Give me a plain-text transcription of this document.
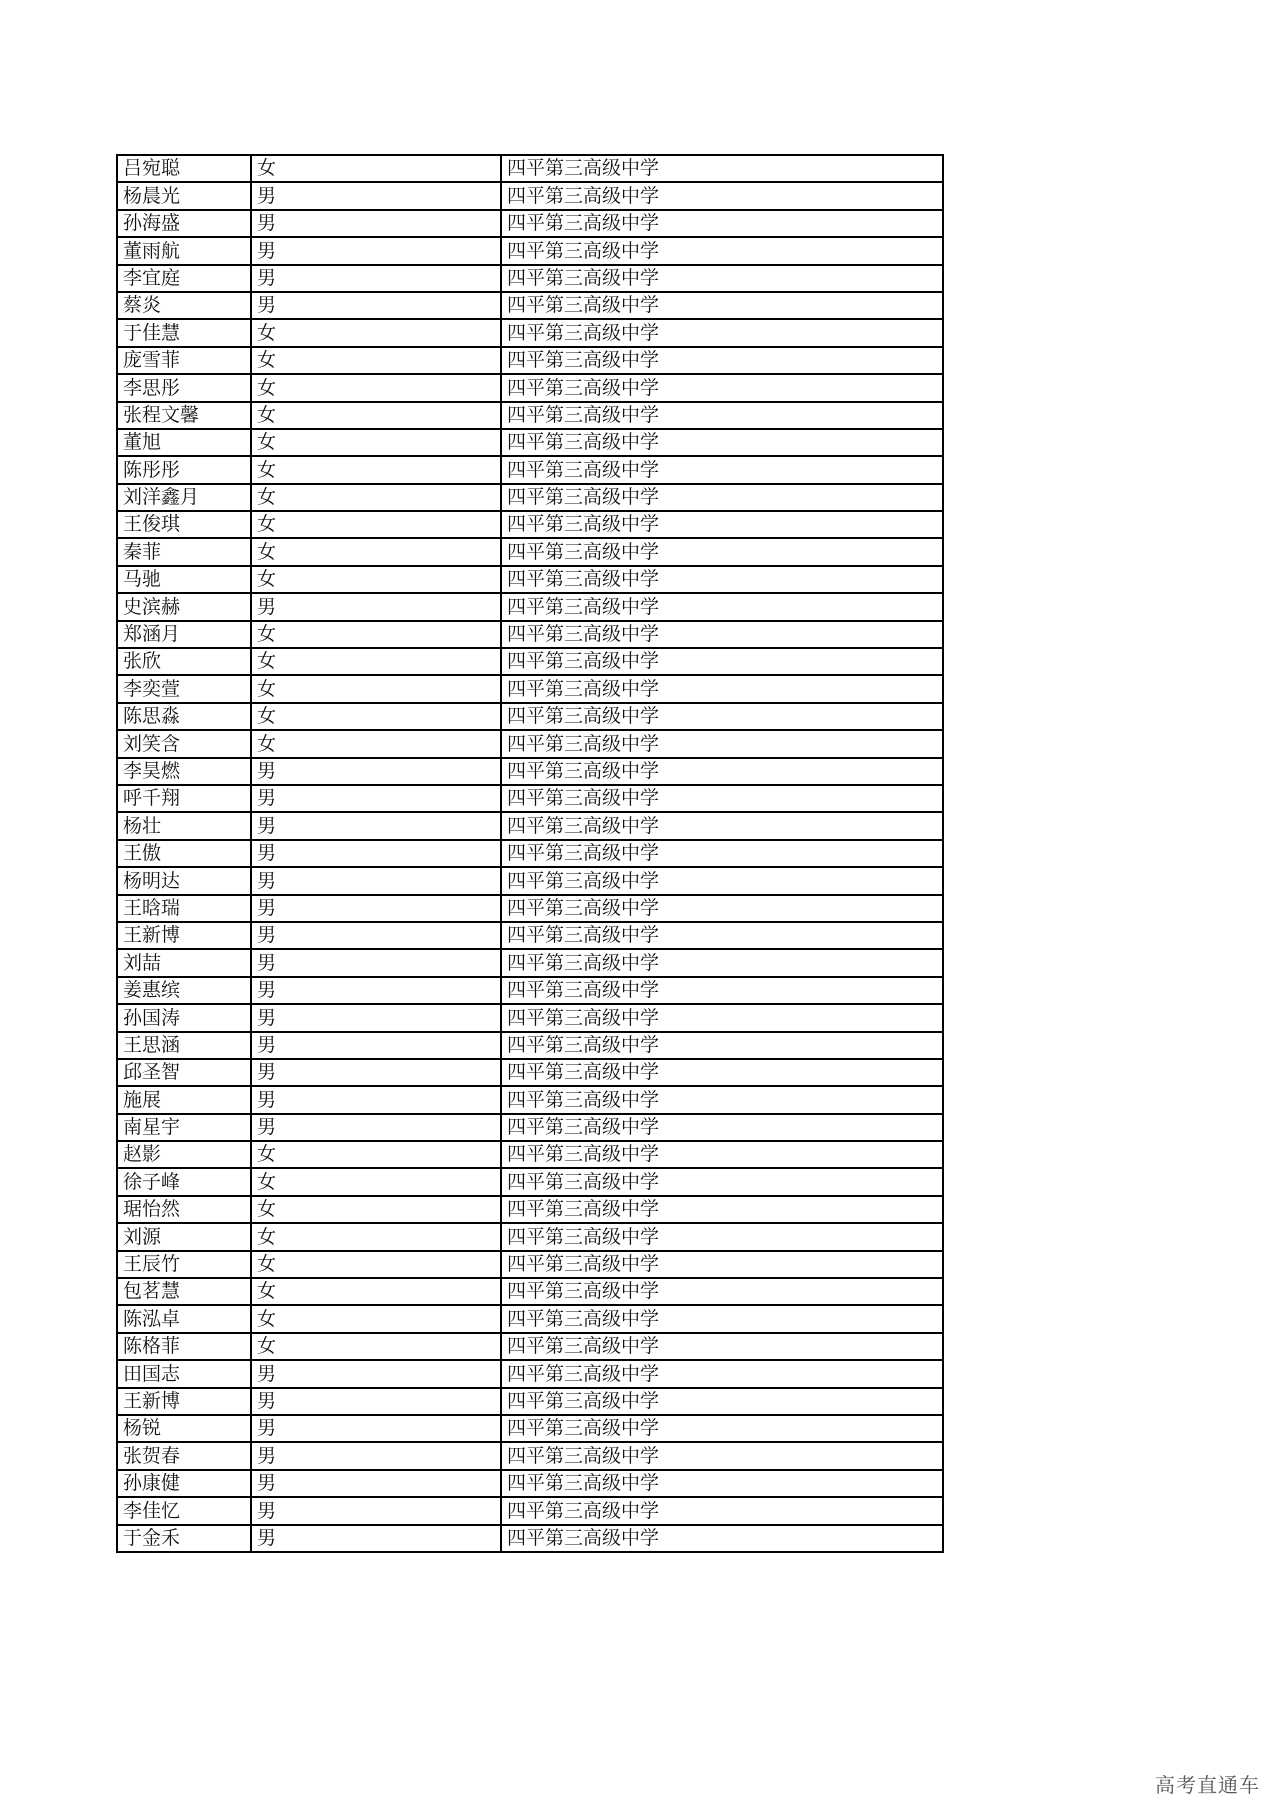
吕宛聪	女	四平第三高级中学
杨晨光	男	四平第三高级中学
孙海盛	男	四平第三高级中学
董雨航	男	四平第三高级中学
李宜庭	男	四平第三高级中学
蔡炎	男	四平第三高级中学
于佳慧	女	四平第三高级中学
庞雪菲	女	四平第三高级中学
李思彤	女	四平第三高级中学
张程文馨	女	四平第三高级中学
董旭	女	四平第三高级中学
陈彤彤	女	四平第三高级中学
刘洋鑫月	女	四平第三高级中学
王俊琪	女	四平第三高级中学
秦菲	女	四平第三高级中学
马驰	女	四平第三高级中学
史滨赫	男	四平第三高级中学
郑涵月	女	四平第三高级中学
张欣	女	四平第三高级中学
李奕萱	女	四平第三高级中学
陈思淼	女	四平第三高级中学
刘笑含	女	四平第三高级中学
李昊燃	男	四平第三高级中学
呼千翔	男	四平第三高级中学
杨壮	男	四平第三高级中学
王傲	男	四平第三高级中学
杨明达	男	四平第三高级中学
王晗瑞	男	四平第三高级中学
王新博	男	四平第三高级中学
刘喆	男	四平第三高级中学
姜惠缤	男	四平第三高级中学
孙国涛	男	四平第三高级中学
王思涵	男	四平第三高级中学
邱圣智	男	四平第三高级中学
施展	男	四平第三高级中学
南星宇	男	四平第三高级中学
赵影	女	四平第三高级中学
徐子峰	女	四平第三高级中学
琚怡然	女	四平第三高级中学
刘源	女	四平第三高级中学
王辰竹	女	四平第三高级中学
包茗慧	女	四平第三高级中学
陈泓卓	女	四平第三高级中学
陈格菲	女	四平第三高级中学
田国志	男	四平第三高级中学
王新博	男	四平第三高级中学
杨锐	男	四平第三高级中学
张贺春	男	四平第三高级中学
孙康健	男	四平第三高级中学
李佳忆	男	四平第三高级中学
于金禾	男	四平第三高级中学
高考直通车
